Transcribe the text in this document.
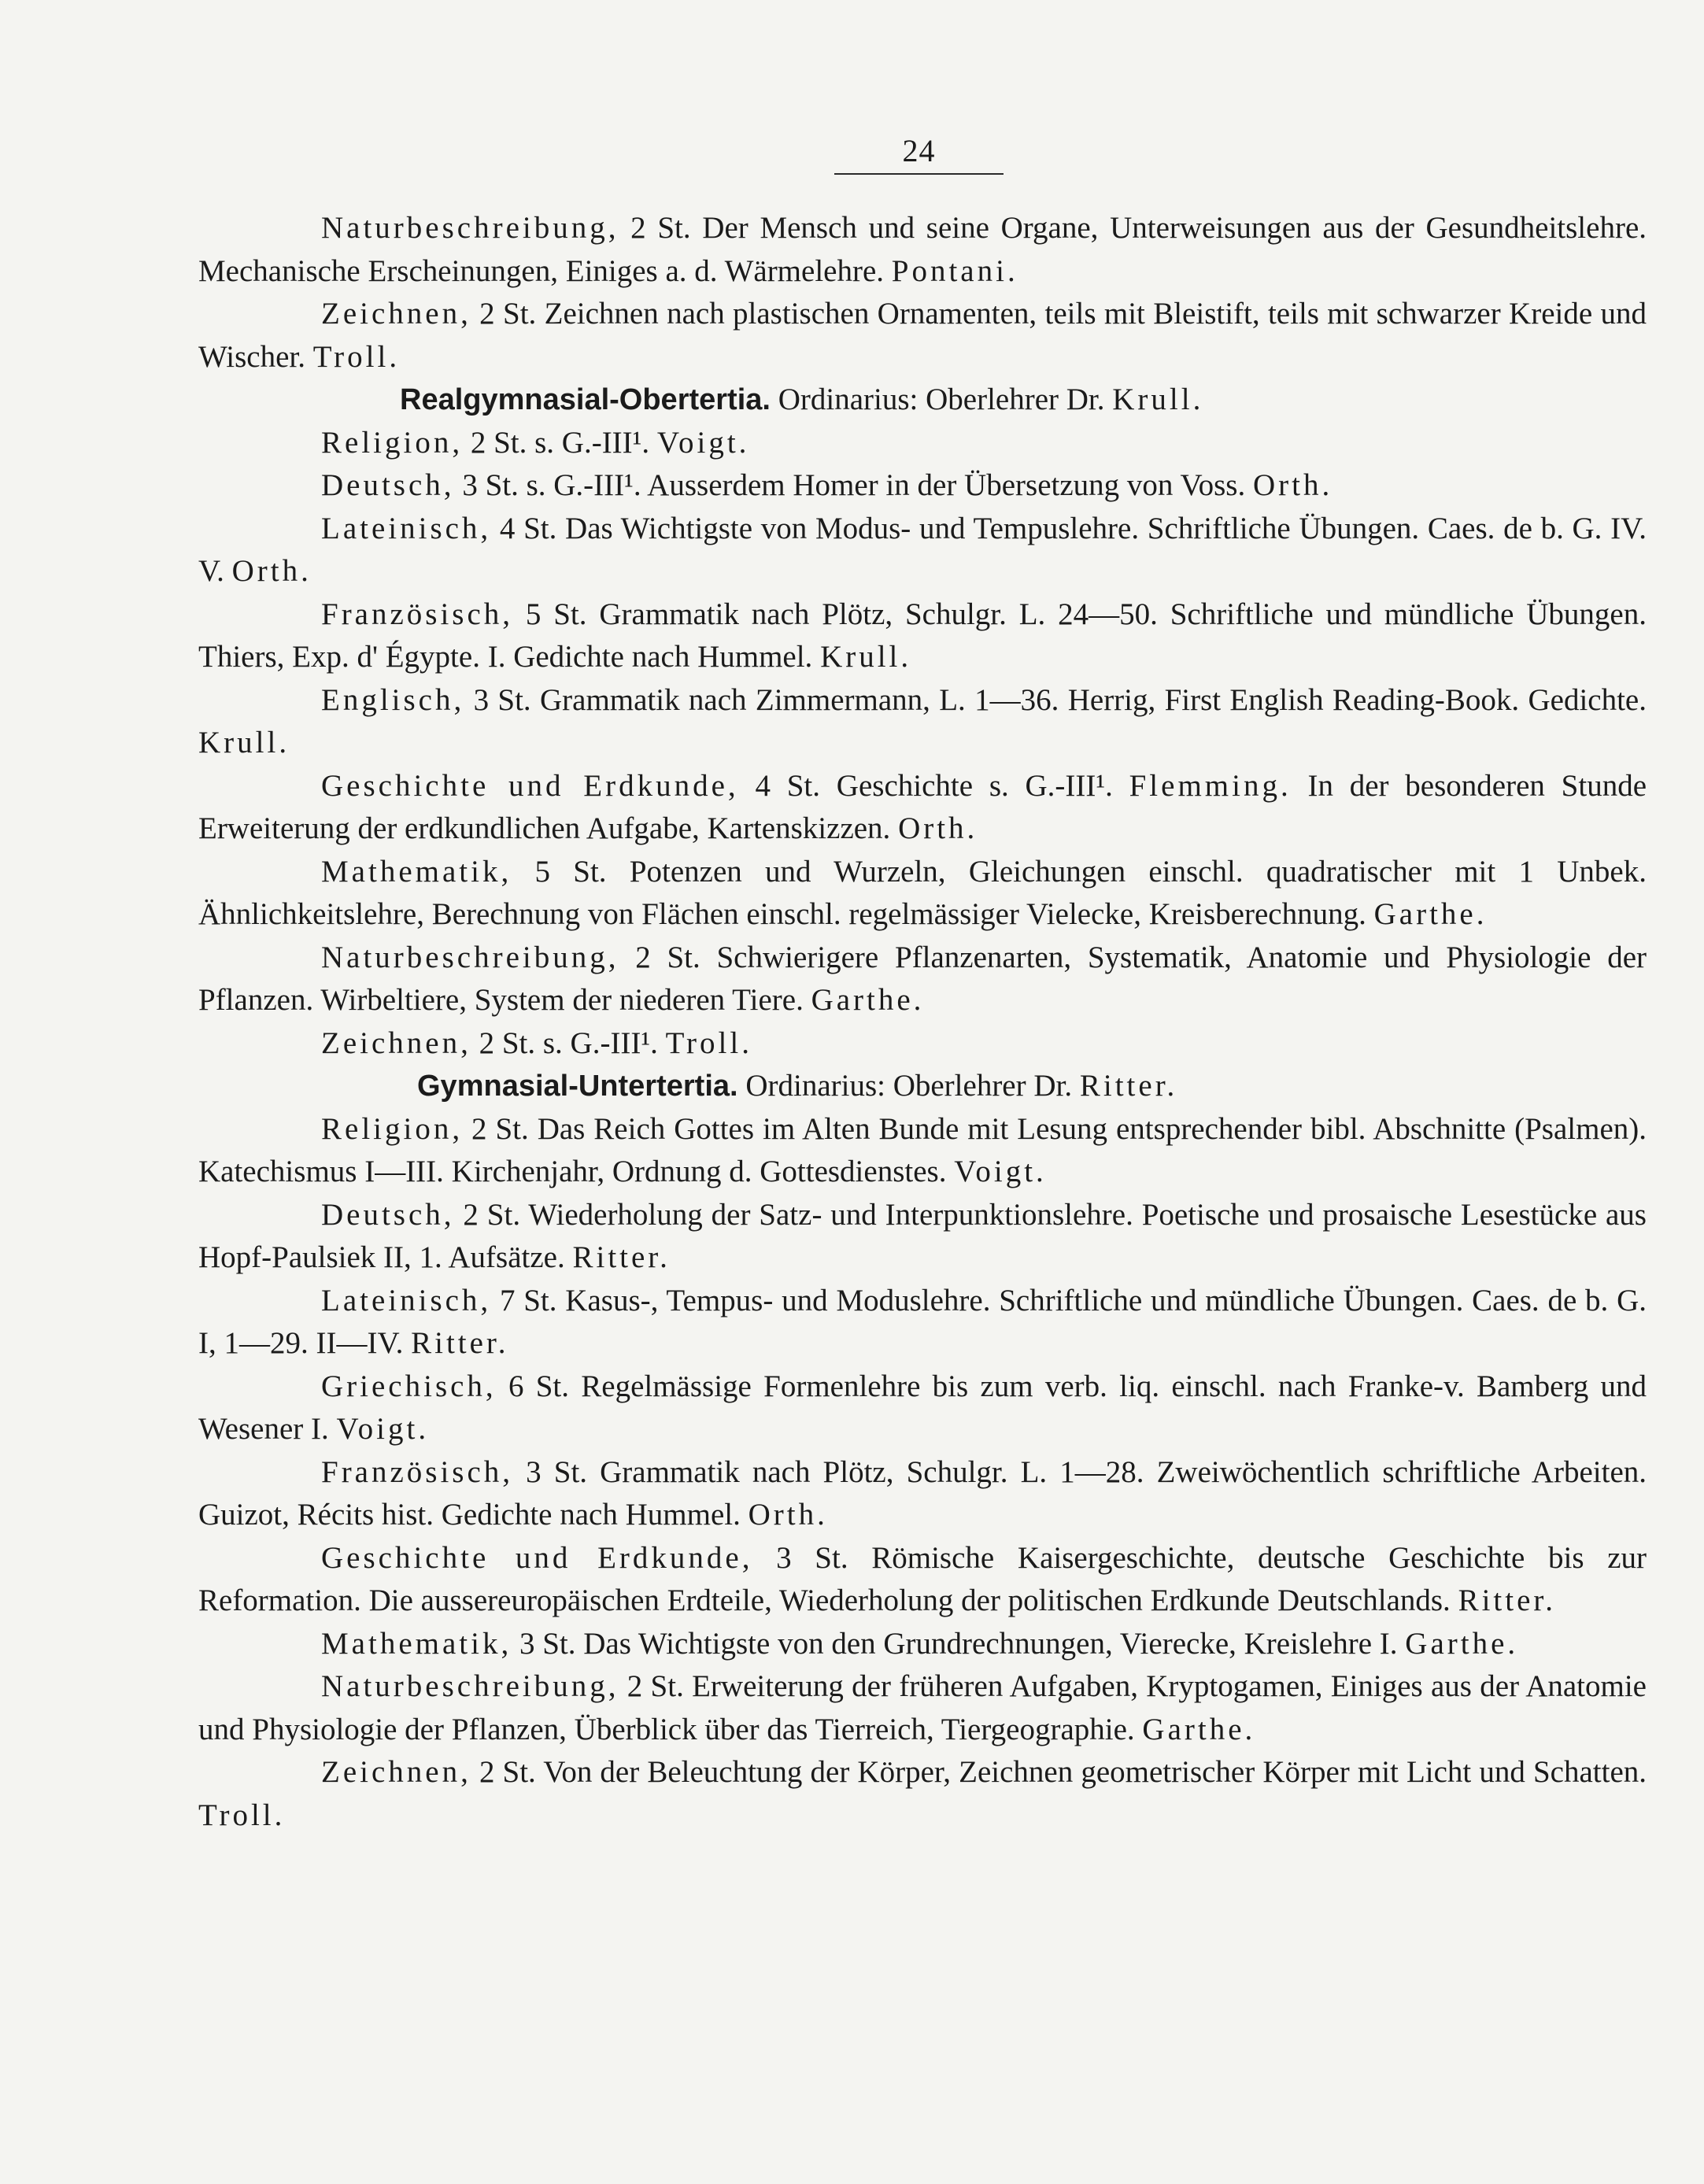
24

Naturbeschreibung, 2 St. Der Mensch und seine Organe, Unterweisungen aus der Gesundheitslehre. Mechanische Erscheinungen, Einiges a. d. Wärmelehre. Pontani.

Zeichnen, 2 St. Zeichnen nach plastischen Ornamenten, teils mit Bleistift, teils mit schwarzer Kreide und Wischer. Troll.

Realgymnasial-Obertertia. Ordinarius: Oberlehrer Dr. Krull.

Religion, 2 St. s. G.-III¹. Voigt.

Deutsch, 3 St. s. G.-III¹. Ausserdem Homer in der Übersetzung von Voss. Orth.

Lateinisch, 4 St. Das Wichtigste von Modus- und Tempuslehre. Schriftliche Übungen. Caes. de b. G. IV. V. Orth.

Französisch, 5 St. Grammatik nach Plötz, Schulgr. L. 24—50. Schriftliche und mündliche Übungen. Thiers, Exp. d' Égypte. I. Gedichte nach Hummel. Krull.

Englisch, 3 St. Grammatik nach Zimmermann, L. 1—36. Herrig, First English Reading-Book. Gedichte. Krull.

Geschichte und Erdkunde, 4 St. Geschichte s. G.-III¹. Flemming. In der besonderen Stunde Erweiterung der erdkundlichen Aufgabe, Kartenskizzen. Orth.

Mathematik, 5 St. Potenzen und Wurzeln, Gleichungen einschl. quadratischer mit 1 Unbek. Ähnlichkeitslehre, Berechnung von Flächen einschl. regelmässiger Vielecke, Kreisberechnung. Garthe.

Naturbeschreibung, 2 St. Schwierigere Pflanzenarten, Systematik, Anatomie und Physiologie der Pflanzen. Wirbeltiere, System der niederen Tiere. Garthe.

Zeichnen, 2 St. s. G.-III¹. Troll.

Gymnasial-Untertertia. Ordinarius: Oberlehrer Dr. Ritter.

Religion, 2 St. Das Reich Gottes im Alten Bunde mit Lesung entsprechender bibl. Abschnitte (Psalmen). Katechismus I—III. Kirchenjahr, Ordnung d. Gottesdienstes. Voigt.

Deutsch, 2 St. Wiederholung der Satz- und Interpunktionslehre. Poetische und prosaische Lesestücke aus Hopf-Paulsiek II, 1. Aufsätze. Ritter.

Lateinisch, 7 St. Kasus-, Tempus- und Moduslehre. Schriftliche und mündliche Übungen. Caes. de b. G. I, 1—29. II—IV. Ritter.

Griechisch, 6 St. Regelmässige Formenlehre bis zum verb. liq. einschl. nach Franke-v. Bamberg und Wesener I. Voigt.

Französisch, 3 St. Grammatik nach Plötz, Schulgr. L. 1—28. Zweiwöchentlich schriftliche Arbeiten. Guizot, Récits hist. Gedichte nach Hummel. Orth.

Geschichte und Erdkunde, 3 St. Römische Kaisergeschichte, deutsche Geschichte bis zur Reformation. Die aussereuropäischen Erdteile, Wiederholung der politischen Erdkunde Deutschlands. Ritter.

Mathematik, 3 St. Das Wichtigste von den Grundrechnungen, Vierecke, Kreislehre I. Garthe.

Naturbeschreibung, 2 St. Erweiterung der früheren Aufgaben, Kryptogamen, Einiges aus der Anatomie und Physiologie der Pflanzen, Überblick über das Tierreich, Tiergeographie. Garthe.

Zeichnen, 2 St. Von der Beleuchtung der Körper, Zeichnen geometrischer Körper mit Licht und Schatten. Troll.
